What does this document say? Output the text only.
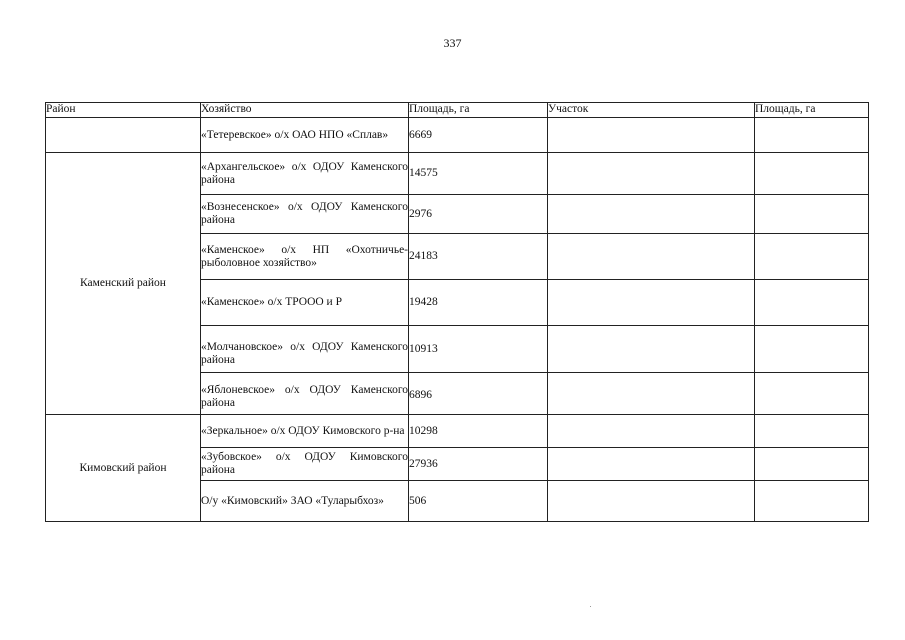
337
Район	Хозяйство	Площадь, га	Участок	Площадь, га
	«Тетеревское» о/х ОАО НПО «Сплав»	6669		
Каменский район	«Архангельское» о/х ОДОУ Каменского района	14575		
	«Вознесенское» о/х ОДОУ Каменского района	2976		
	«Каменское» о/х НП «Охотничье-рыболовное хозяйство»	24183		
	«Каменское» о/х ТРООО и Р	19428		
	«Молчановское» о/х ОДОУ Каменского района	10913		
	«Яблоневское» о/х ОДОУ Каменского района	6896		
Кимовский район	«Зеркальное» о/х ОДОУ Кимовского р-на	10298		
	«Зубовское» о/х ОДОУ Кимовского района	27936		
	О/у «Кимовский» ЗАО «Туларыбхоз»	506		
